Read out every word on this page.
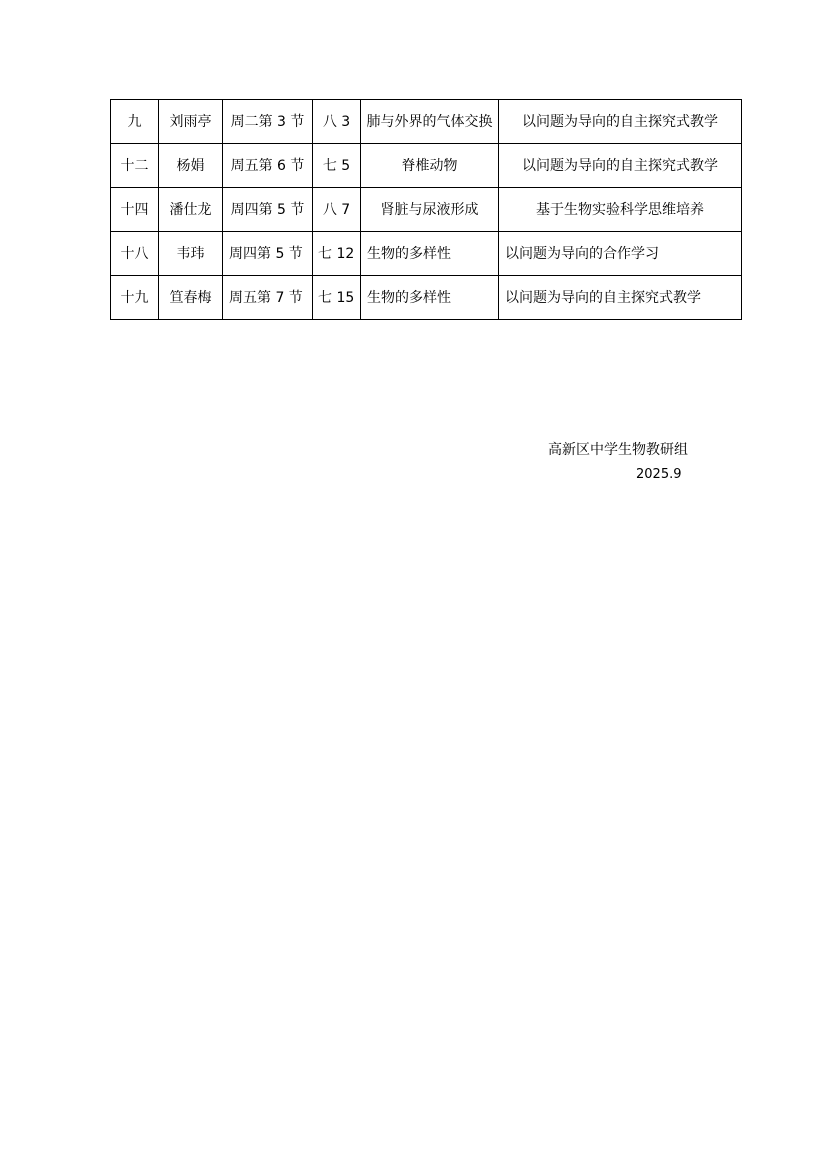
九	刘雨亭	周二第 3 节	八 3	肺与外界的气体交换	以问题为导向的自主探究式教学
十二	杨娟	周五第 6 节	七 5	脊椎动物	以问题为导向的自主探究式教学
十四	潘仕龙	周四第 5 节	八 7	肾脏与尿液形成	基于生物实验科学思维培养
十八	韦玮	周四第 5 节	七 12	生物的多样性	以问题为导向的合作学习
十九	笪春梅	周五第 7 节	七 15	生物的多样性	以问题为导向的自主探究式教学
高新区中学生物教研组
2025.9
